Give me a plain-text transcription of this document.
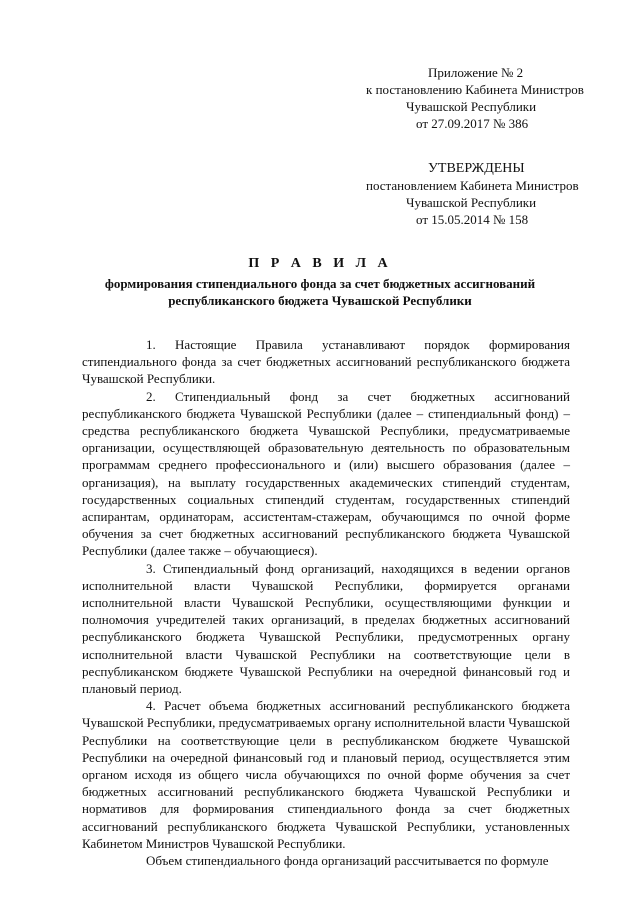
Приложение № 2
к постановлению Кабинета Министров
Чувашской Республики
от 27.09.2017 № 386
УТВЕРЖДЕНЫ
постановлением Кабинета Министров
Чувашской Республики
от 15.05.2014 № 158
П Р А В И Л А
формирования стипендиального фонда за счет бюджетных ассигнований
республиканского бюджета Чувашской Республики

1. Настоящие Правила устанавливают порядок формирования стипендиального фонда за счет бюджетных ассигнований республиканского бюджета Чувашской Республики.

2. Стипендиальный фонд за счет бюджетных ассигнований республиканского бюджета Чувашской Республики (далее – стипендиальный фонд) – средства республиканского бюджета Чувашской Республики, предусматриваемые организации, осуществляющей образовательную деятельность по образовательным программам среднего профессионального и (или) высшего образования (далее – организация), на выплату государственных академических стипендий студентам, государственных социальных стипендий студентам, государственных стипендий аспирантам, ординаторам, ассистентам-стажерам, обучающимся по очной форме обучения за счет бюджетных ассигнований республиканского бюджета Чувашской Республики (далее также – обучающиеся).

3. Стипендиальный фонд организаций, находящихся в ведении органов исполнительной власти Чувашской Республики, формируется органами исполнительной власти Чувашской Республики, осуществляющими функции и полномочия учредителей таких организаций, в пределах бюджетных ассигнований республиканского бюджета Чувашской Республики, предусмотренных органу исполнительной власти Чувашской Республики на соответствующие цели в республиканском бюджете Чувашской Республики на очередной финансовый год и плановый период.

4. Расчет объема бюджетных ассигнований республиканского бюджета Чувашской Республики, предусматриваемых органу исполнительной власти Чувашской Республики на соответствующие цели в республиканском бюджете Чувашской Республики на очередной финансовый год и плановый период, осуществляется этим органом исходя из общего числа обучающихся по очной форме обучения за счет бюджетных ассигнований республиканского бюджета Чувашской Республики и нормативов для формирования стипендиального фонда за счет бюджетных ассигнований республиканского бюджета Чувашской Республики, установленных Кабинетом Министров Чувашской Республики.

Объем стипендиального фонда организаций рассчитывается по формуле
